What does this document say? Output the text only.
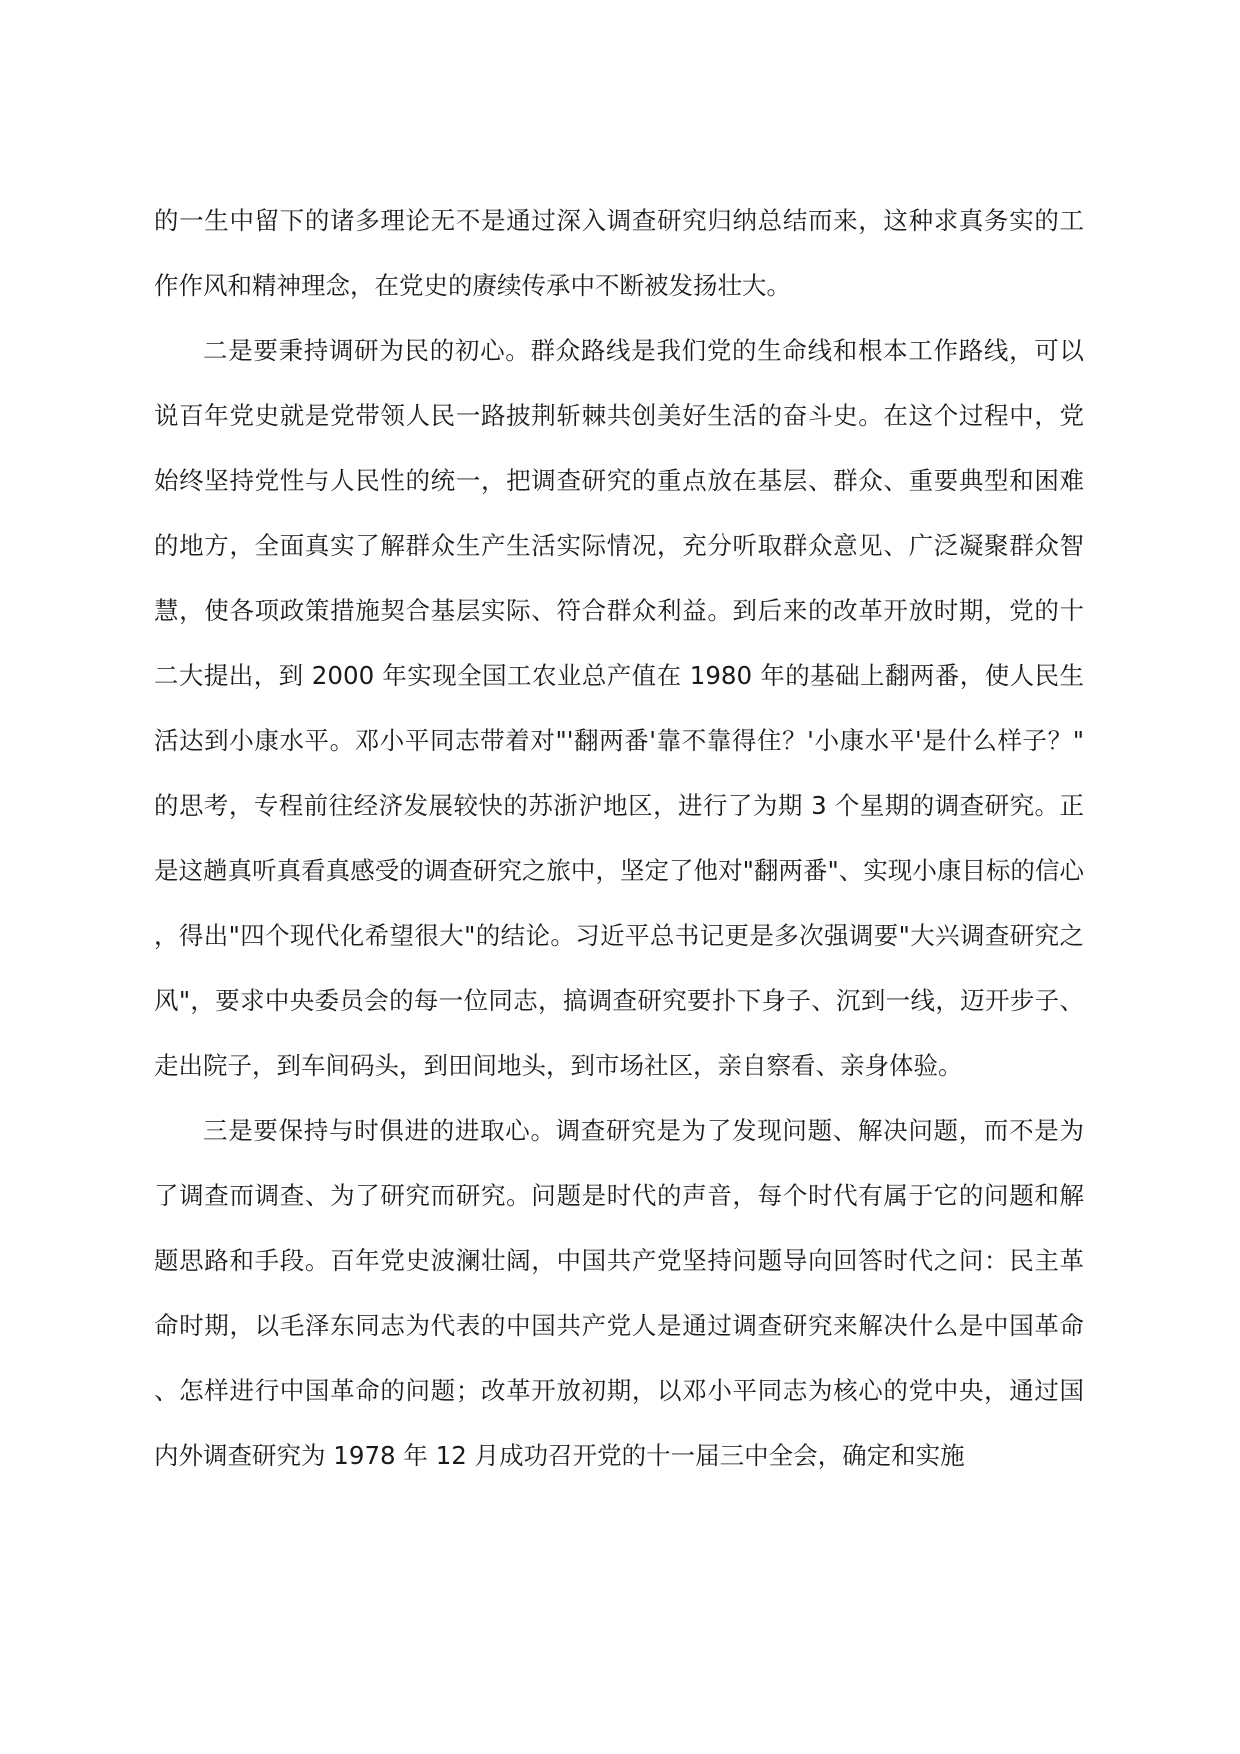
的一生中留下的诸多理论无不是通过深入调查研究归纳总结而来，这种求真务实的工作作风和精神理念，在党史的赓续传承中不断被发扬壮大。

二是要秉持调研为民的初心。群众路线是我们党的生命线和根本工作路线，可以说百年党史就是党带领人民一路披荆斩棘共创美好生活的奋斗史。在这个过程中，党始终坚持党性与人民性的统一，把调查研究的重点放在基层、群众、重要典型和困难的地方，全面真实了解群众生产生活实际情况，充分听取群众意见、广泛凝聚群众智慧，使各项政策措施契合基层实际、符合群众利益。到后来的改革开放时期，党的十二大提出，到 2000 年实现全国工农业总产值在 1980 年的基础上翻两番，使人民生活达到小康水平。邓小平同志带着对"'翻两番'靠不靠得住？'小康水平'是什么样子？"的思考，专程前往经济发展较快的苏浙沪地区，进行了为期 3 个星期的调查研究。正是这趟真听真看真感受的调查研究之旅中，坚定了他对"翻两番"、实现小康目标的信心，得出"四个现代化希望很大"的结论。习近平总书记更是多次强调要"大兴调查研究之风"，要求中央委员会的每一位同志，搞调查研究要扑下身子、沉到一线，迈开步子、走出院子，到车间码头，到田间地头，到市场社区，亲自察看、亲身体验。

三是要保持与时俱进的进取心。调查研究是为了发现问题、解决问题，而不是为了调查而调查、为了研究而研究。问题是时代的声音，每个时代有属于它的问题和解题思路和手段。百年党史波澜壮阔，中国共产党坚持问题导向回答时代之问：民主革命时期，以毛泽东同志为代表的中国共产党人是通过调查研究来解决什么是中国革命、怎样进行中国革命的问题；改革开放初期，以邓小平同志为核心的党中央，通过国内外调查研究为 1978 年 12 月成功召开党的十一届三中全会，确定和实施
